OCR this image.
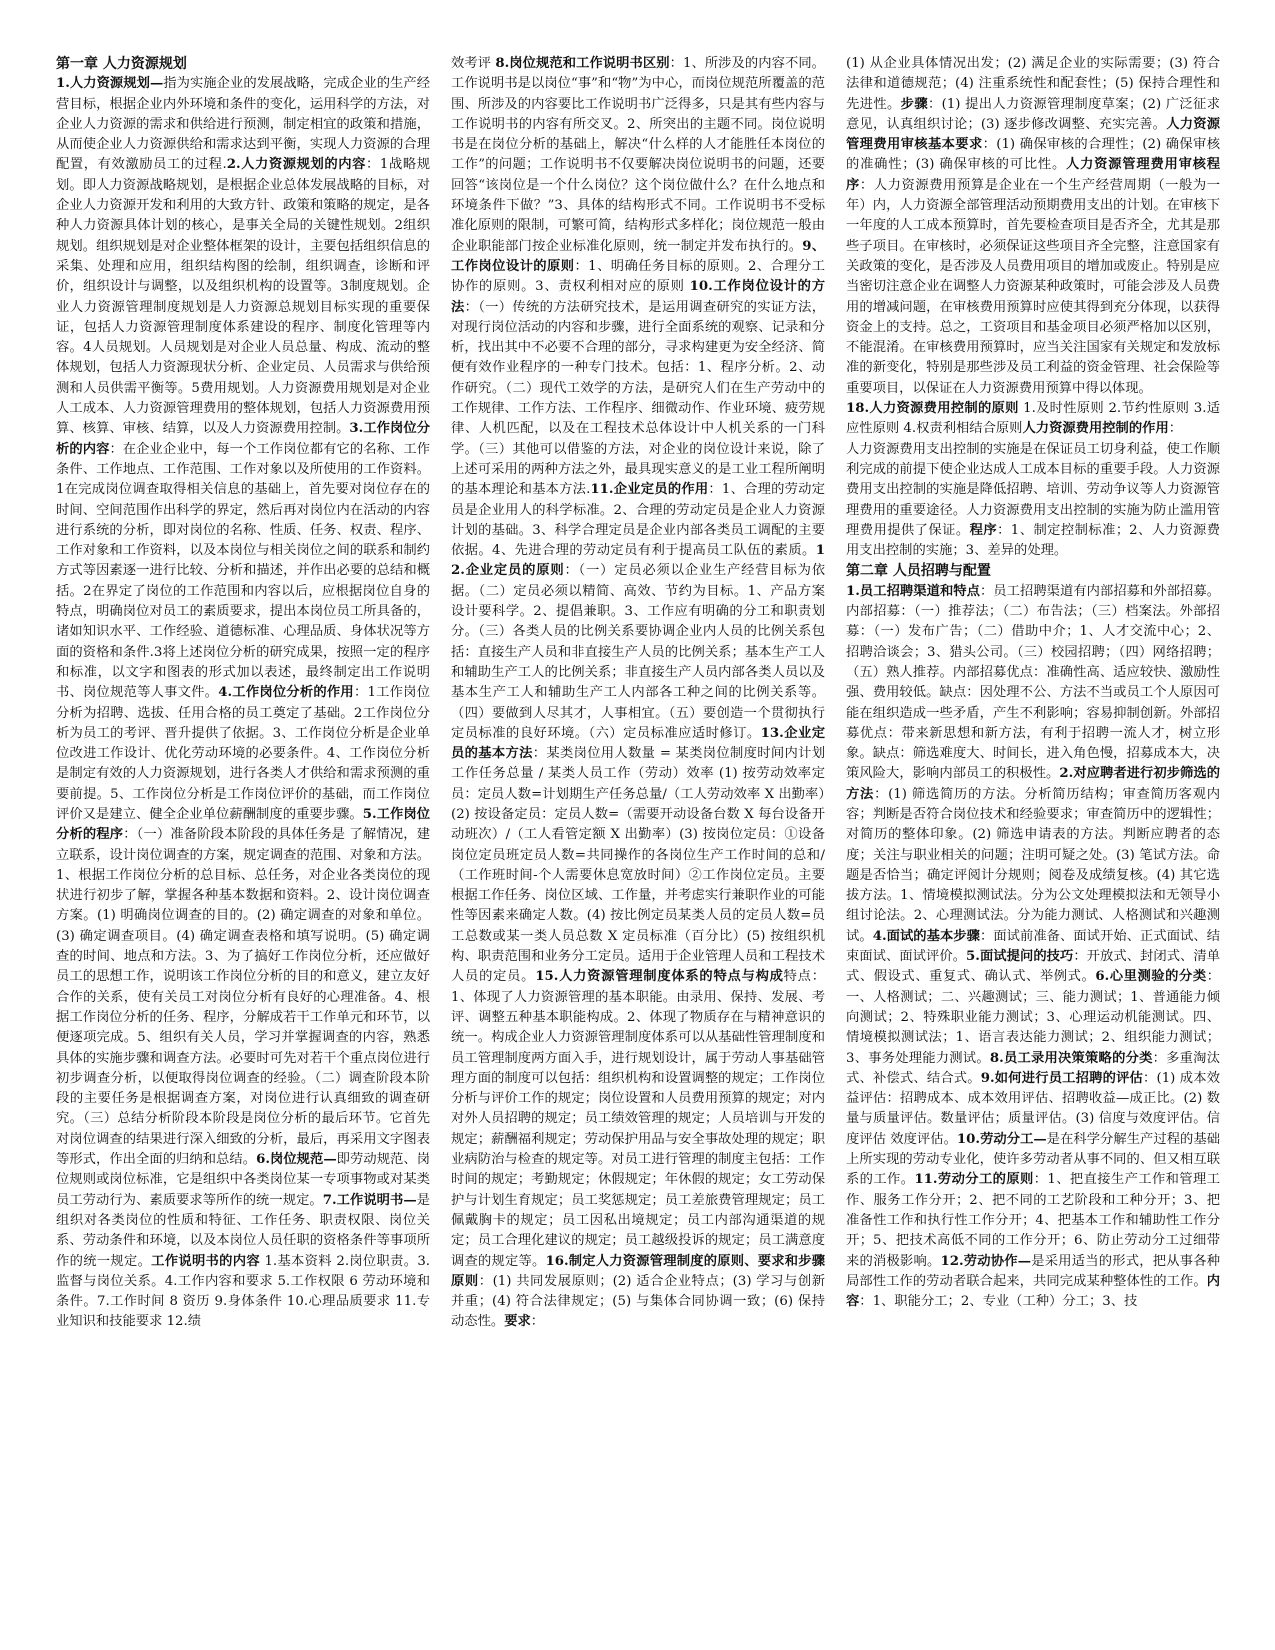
第一章 人力资源规划

1.人力资源规划—指为实施企业的发展战略，完成企业的生产经营目标，根据企业内外环境和条件的变化，运用科学的方法，对企业人力资源的需求和供给进行预测，制定相宜的政策和措施，从而使企业人力资源供给和需求达到平衡，实现人力资源的合理配置，有效激励员工的过程.2.人力资源规划的内容：1战略规划。即人力资源战略规划，是根据企业总体发展战略的目标，对企业人力资源开发和利用的大致方针、政策和策略的规定，是各种人力资源具体计划的核心，是事关全局的关键性规划。2组织规划。组织规划是对企业整体框架的设计，主要包括组织信息的采集、处理和应用，组织结构图的绘制，组织调查，诊断和评价，组织设计与调整，以及组织机构的设置等。3制度规划。企业人力资源管理制度规划是人力资源总规划目标实现的重要保证，包括人力资源管理制度体系建设的程序、制度化管理等内容。4人员规划。人员规划是对企业人员总量、构成、流动的整体规划，包括人力资源现状分析、企业定员、人员需求与供给预测和人员供需平衡等。5费用规划。人力资源费用规划是对企业人工成本、人力资源管理费用的整体规划，包括人力资源费用预算、核算、审核、结算，以及人力资源费用控制。3.工作岗位分析的内容：在企业企业中，每一个工作岗位都有它的名称、工作条件、工作地点、工作范围、工作对象以及所使用的工作资料。1在完成岗位调查取得相关信息的基础上，首先要对岗位存在的时间、空间范围作出科学的界定，然后再对岗位内在活动的内容进行系统的分析，即对岗位的名称、性质、任务、权责、程序、工作对象和工作资料，以及本岗位与相关岗位之间的联系和制约方式等因素逐一进行比较、分析和描述，并作出必要的总结和概括。2在界定了岗位的工作范围和内容以后，应根据岗位自身的特点，明确岗位对员工的素质要求，提出本岗位员工所具备的，诸如知识水平、工作经验、道德标准、心理品质、身体状况等方面的资格和条件.3将上述岗位分析的研究成果，按照一定的程序和标准，以文字和图表的形式加以表述，最终制定出工作说明书、岗位规范等人事文件。4.工作岗位分析的作用：1工作岗位分析为招聘、选拔、任用合格的员工奠定了基础。2工作岗位分析为员工的考评、晋升提供了依据。3、工作岗位分析是企业单位改进工作设计、优化劳动环境的必要条件。4、工作岗位分析是制定有效的人力资源规划，进行各类人才供给和需求预测的重要前提。5、工作岗位分析是工作岗位评价的基础，而工作岗位评价又是建立、健全企业单位薪酬制度的重要步骤。5.工作岗位分析的程序：（一）准备阶段本阶段的具体任务是 了解情况，建立联系，设计岗位调查的方案，规定调查的范围、对象和方法。1、根据工作岗位分析的总目标、总任务，对企业各类岗位的现状进行初步了解，掌握各种基本数据和资料。2、设计岗位调查方案。(1) 明确岗位调查的目的。(2) 确定调查的对象和单位。(3) 确定调查项目。(4) 确定调查表格和填写说明。(5) 确定调查的时间、地点和方法。3、为了搞好工作岗位分析，还应做好员工的思想工作，说明该工作岗位分析的目的和意义，建立友好合作的关系，使有关员工对岗位分析有良好的心理准备。4、根据工作岗位分析的任务、程序，分解成若干工作单元和环节，以便逐项完成。5、组织有关人员，学习并掌握调查的内容，熟悉具体的实施步骤和调查方法。必要时可先对若干个重点岗位进行初步调查分析，以便取得岗位调查的经验。（二）调查阶段本阶段的主要任务是根据调查方案，对岗位进行认真细致的调查研究。（三）总结分析阶段本阶段是岗位分析的最后环节。它首先对岗位调查的结果进行深入细致的分析，最后，再采用文字图表等形式，作出全面的归纳和总结。6.岗位规范—即劳动规范、岗位规则或岗位标准，它是组织中各类岗位某一专项事物或对某类员工劳动行为、素质要求等所作的统一规定。7.工作说明书—是组织对各类岗位的性质和特征、工作任务、职责权限、岗位关系、劳动条件和环境，以及本岗位人员任职的资格条件等事项所作的统一规定。工作说明书的内容 1.基本资料 2.岗位职责。3.监督与岗位关系。4.工作内容和要求 5.工作权限 6 劳动环境和条件。7.工作时间 8 资历 9.身体条件 10.心理品质要求 11.专业知识和技能要求 12.绩

效考评 8.岗位规范和工作说明书区别：1、所涉及的内容不同。工作说明书是以岗位“事”和“物”为中心，而岗位规范所覆盖的范围、所涉及的内容要比工作说明书广泛得多，只是其有些内容与工作说明书的内容有所交叉。2、所突出的主题不同。岗位说明书是在岗位分析的基础上，解决“什么样的人才能胜任本岗位的工作”的问题；工作说明书不仅要解决岗位说明书的问题，还要回答“该岗位是一个什么岗位？这个岗位做什么？在什么地点和环境条件下做？”3、具体的结构形式不同。工作说明书不受标准化原则的限制，可繁可简，结构形式多样化；岗位规范一般由企业职能部门按企业标准化原则，统一制定并发布执行的。9、工作岗位设计的原则：1、明确任务目标的原则。2、合理分工协作的原则。3、责权利相对应的原则 10.工作岗位设计的方法：（一）传统的方法研究技术，是运用调查研究的实证方法，对现行岗位活动的内容和步骤，进行全面系统的观察、记录和分析，找出其中不必要不合理的部分，寻求构建更为安全经济、简便有效作业程序的一种专门技术。包括：1、程序分析。2、动作研究。（二）现代工效学的方法，是研究人们在生产劳动中的工作规律、工作方法、工作程序、细微动作、作业环境、疲劳规律、人机匹配，以及在工程技术总体设计中人机关系的一门科学。（三）其他可以借鉴的方法，对企业的岗位设计来说，除了上述可采用的两种方法之外，最具现实意义的是工业工程所阐明的基本理论和基本方法.11.企业定员的作用：1、合理的劳动定员是企业用人的科学标准。2、合理的劳动定员是企业人力资源计划的基础。3、科学合理定员是企业内部各类员工调配的主要依据。4、先进合理的劳动定员有利于提高员工队伍的素质。12.企业定员的原则：（一）定员必须以企业生产经营目标为依据。（二）定员必须以精简、高效、节约为目标。1、产品方案设计要科学。2、提倡兼职。3、工作应有明确的分工和职责划分。（三）各类人员的比例关系要协调企业内人员的比例关系包括：直接生产人员和非直接生产人员的比例关系；基本生产工人和辅助生产工人的比例关系；非直接生产人员内部各类人员以及基本生产工人和辅助生产工人内部各工种之间的比例关系等。（四）要做到人尽其才，人事相宜。（五）要创造一个贯彻执行定员标准的良好环境。（六）定员标准应适时修订。13.企业定员的基本方法：某类岗位用人数量 = 某类岗位制度时间内计划工作任务总量 / 某类人员工作（劳动）效率 (1) 按劳动效率定员：定员人数=计划期生产任务总量/（工人劳动效率 X 出勤率）(2) 按设备定员：定员人数=（需要开动设备台数 X 每台设备开动班次）/（工人看管定额 X 出勤率）(3) 按岗位定员：①设备岗位定员班定员人数=共同操作的各岗位生产工作时间的总和/（工作班时间-个人需要休息宽放时间）②工作岗位定员。主要根据工作任务、岗位区域、工作量，并考虑实行兼职作业的可能性等因素来确定人数。(4) 按比例定员某类人员的定员人数=员工总数或某一类人员总数 X 定员标准（百分比）(5) 按组织机构、职责范围和业务分工定员。适用于企业管理人员和工程技术人员的定员。15.人力资源管理制度体系的特点与构成特点：1、体现了人力资源管理的基本职能。由录用、保持、发展、考评、调整五种基本职能构成。2、体现了物质存在与精神意识的统一。构成企业人力资源管理制度体系可以从基础性管理制度和员工管理制度两方面入手，进行规划设计，属于劳动人事基础管理方面的制度可以包括：组织机构和设置调整的规定；工作岗位分析与评价工作的规定；岗位设置和人员费用预算的规定；对内对外人员招聘的规定；员工绩效管理的规定；人员培训与开发的规定；薪酬福利规定；劳动保护用品与安全事故处理的规定；职业病防治与检查的规定等。对员工进行管理的制度主包括：工作时间的规定；考勤规定；休假规定；年休假的规定；女工劳动保护与计划生育规定；员工奖惩规定；员工差旅费管理规定；员工佩戴胸卡的规定；员工因私出境规定；员工内部沟通渠道的规定；员工合理化建议的规定；员工越级投诉的规定；员工满意度调查的规定等。16.制定人力资源管理制度的原则、要求和步骤原则：(1) 共同发展原则；(2) 适合企业特点；(3) 学习与创新并重；(4) 符合法律规定；(5) 与集体合同协调一致；(6) 保持动态性。要求：

(1) 从企业具体情况出发；(2) 满足企业的实际需要；(3) 符合法律和道德规范；(4) 注重系统性和配套性；(5) 保持合理性和先进性。步骤：(1) 提出人力资源管理制度草案；(2) 广泛征求意见，认真组织讨论；(3) 逐步修改调整、充实完善。人力资源管理费用审核基本要求：(1) 确保审核的合理性；(2) 确保审核的准确性；(3) 确保审核的可比性。人力资源管理费用审核程序：人力资源费用预算是企业在一个生产经营周期（一般为一年）内，人力资源全部管理活动预期费用支出的计划。在审核下一年度的人工成本预算时，首先要检查项目是否齐全，尤其是那些子项目。在审核时，必须保证这些项目齐全完整，注意国家有关政策的变化，是否涉及人员费用项目的增加或废止。特别是应当密切注意企业在调整人力资源某种政策时，可能会涉及人员费用的增减问题，在审核费用预算时应使其得到充分体现，以获得资金上的支持。总之，工资项目和基金项目必须严格加以区别，不能混淆。在审核费用预算时，应当关注国家有关规定和发放标准的新变化，特别是那些涉及员工利益的资金管理、社会保险等重要项目，以保证在人力资源费用预算中得以体现。

18.人力资源费用控制的原则 1.及时性原则 2.节约性原则 3.适应性原则 4.权责利相结合原则人力资源费用控制的作用：

人力资源费用支出控制的实施是在保证员工切身利益，使工作顺利完成的前提下使企业达成人工成本目标的重要手段。人力资源费用支出控制的实施是降低招聘、培训、劳动争议等人力资源管理费用的重要途径。人力资源费用支出控制的实施为防止滥用管理费用提供了保证。程序：1、制定控制标准；2、人力资源费用支出控制的实施；3、差异的处理。

第二章 人员招聘与配置

1.员工招聘渠道和特点：员工招聘渠道有内部招募和外部招募。内部招募：（一）推荐法；（二）布告法；（三）档案法。外部招募：（一）发布广告；（二）借助中介；1、人才交流中心；2、招聘洽谈会；3、猎头公司。（三）校园招聘；（四）网络招聘；（五）熟人推荐。内部招募优点：准确性高、适应较快、激励性强、费用较低。缺点：因处理不公、方法不当或员工个人原因可能在组织造成一些矛盾，产生不利影响；容易抑制创新。外部招募优点：带来新思想和新方法，有利于招聘一流人才，树立形象。缺点：筛选难度大、时间长，进入角色慢，招募成本大，决策风险大，影响内部员工的积极性。2.对应聘者进行初步筛选的方法：(1) 筛选简历的方法。分析简历结构；审查简历客观内容；判断是否符合岗位技术和经验要求；审查简历中的逻辑性；对简历的整体印象。(2) 筛选申请表的方法。判断应聘者的态度；关注与职业相关的问题；注明可疑之处。(3) 笔试方法。命题是否恰当；确定评阅计分规则；阅卷及成绩复核。(4) 其它选拔方法。1、情境模拟测试法。分为公文处理模拟法和无领导小组讨论法。2、心理测试法。分为能力测试、人格测试和兴趣测试。4.面试的基本步骤：面试前准备、面试开始、正式面试、结束面试、面试评价。5.面试提问的技巧：开放式、封闭式、清单式、假设式、重复式、确认式、举例式。6.心里测验的分类：一、人格测试；二、兴趣测试；三、能力测试；1、普通能力倾向测试；2、特殊职业能力测试；3、心理运动机能测试。四、情境模拟测试法；1、语言表达能力测试；2、组织能力测试；3、事务处理能力测试。8.员工录用决策策略的分类：多重淘汰式、补偿式、结合式。9.如何进行员工招聘的评估：(1) 成本效益评估：招聘成本、成本效用评估、招聘收益—成正比。(2) 数量与质量评估。数量评估；质量评估。(3) 信度与效度评估。信度评估 效度评估。10.劳动分工—是在科学分解生产过程的基础上所实现的劳动专业化，使许多劳动者从事不同的、但又相互联系的工作。11.劳动分工的原则：1、把直接生产工作和管理工作、服务工作分开；2、把不同的工艺阶段和工种分开；3、把准备性工作和执行性工作分开；4、把基本工作和辅助性工作分开；5、把技术高低不同的工作分开；6、防止劳动分工过细带来的消极影响。12.劳动协作—是采用适当的形式，把从事各种局部性工作的劳动者联合起来，共同完成某种整体性的工作。内容：1、职能分工；2、专业（工种）分工；3、技
